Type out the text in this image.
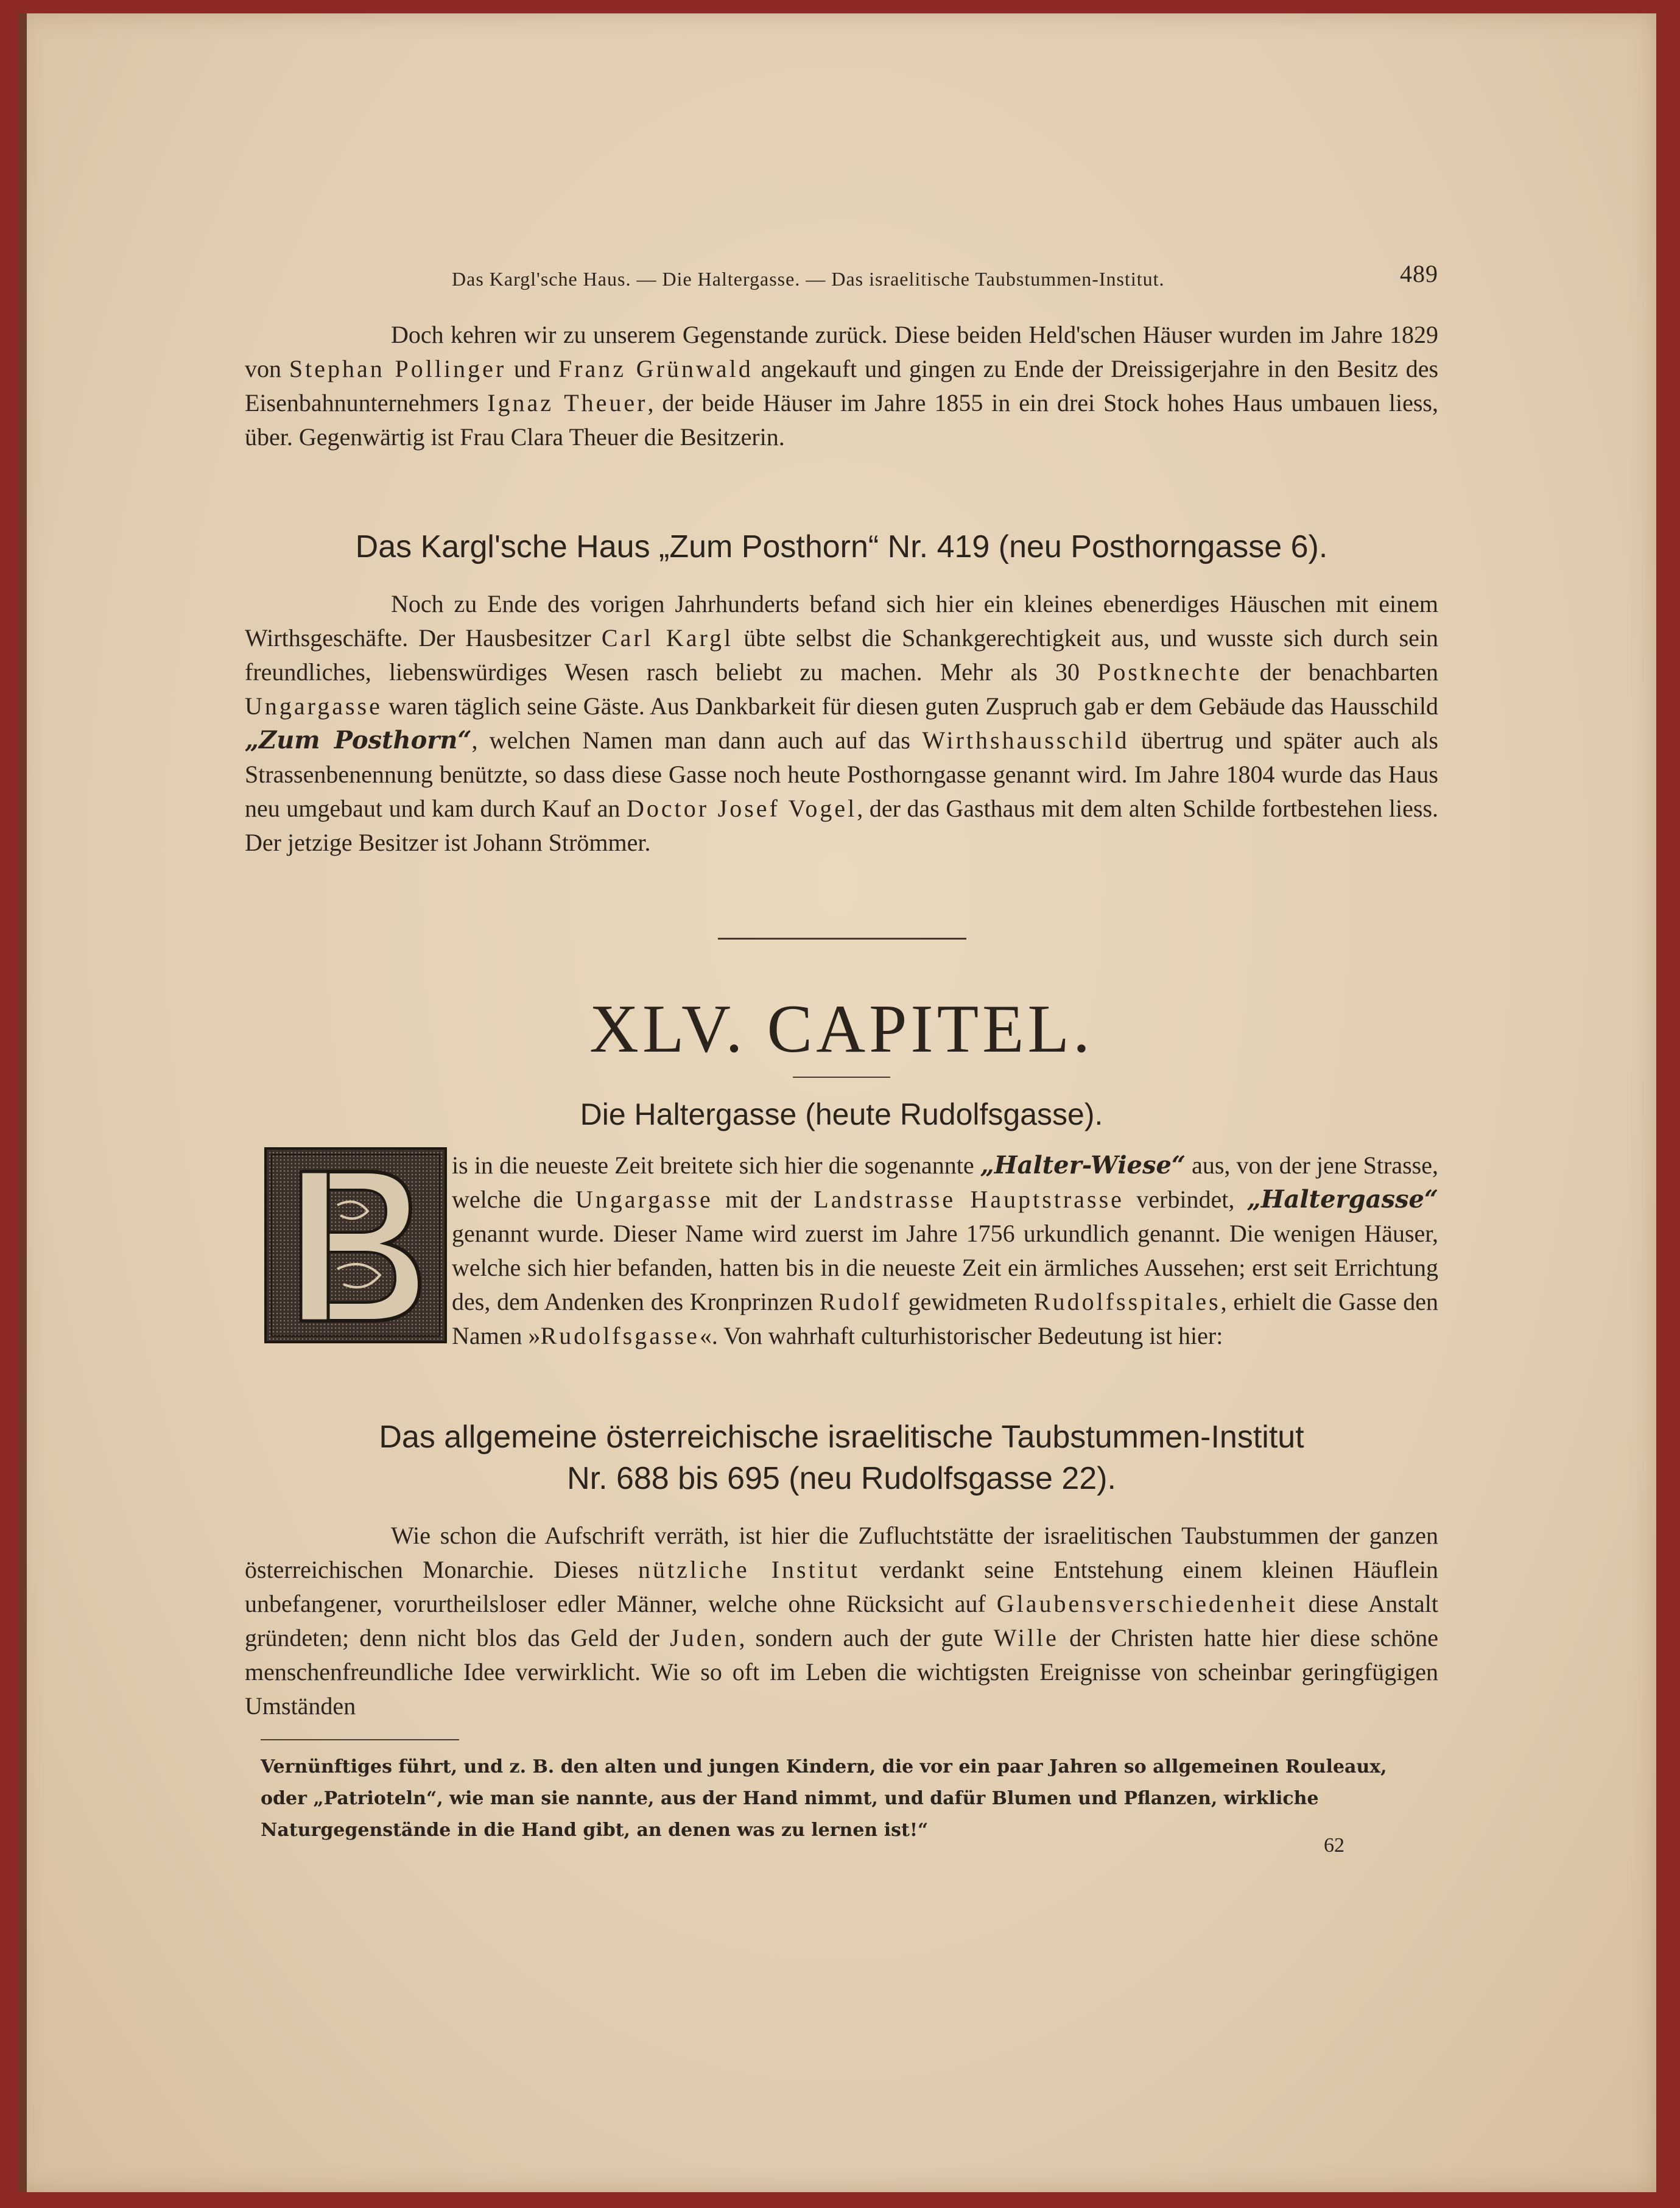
Das Kargl'sche Haus. — Die Haltergasse. — Das israelitische Taubstummen-Institut.	489

Doch kehren wir zu unserem Gegenstande zurück. Diese beiden Held'schen Häuser wurden im Jahre 1829 von Stephan Pollinger und Franz Grünwald angekauft und gingen zu Ende der Dreissigerjahre in den Besitz des Eisenbahnunternehmers Ignaz Theuer, der beide Häuser im Jahre 1855 in ein drei Stock hohes Haus umbauen liess, über. Gegenwärtig ist Frau Clara Theuer die Besitzerin.

Das Kargl'sche Haus „Zum Posthorn“ Nr. 419 (neu Posthorngasse 6).

Noch zu Ende des vorigen Jahrhunderts befand sich hier ein kleines ebenerdiges Häuschen mit einem Wirthsgeschäfte. Der Hausbesitzer Carl Kargl übte selbst die Schankgerechtigkeit aus, und wusste sich durch sein freundliches, liebenswürdiges Wesen rasch beliebt zu machen. Mehr als 30 Postknechte der benachbarten Ungargasse waren täglich seine Gäste. Aus Dankbarkeit für diesen guten Zuspruch gab er dem Gebäude das Hausschild „Zum Posthorn“, welchen Namen man dann auch auf das Wirthshausschild übertrug und später auch als Strassenbenennung benützte, so dass diese Gasse noch heute Posthorngasse genannt wird. Im Jahre 1804 wurde das Haus neu umgebaut und kam durch Kauf an Doctor Josef Vogel, der das Gasthaus mit dem alten Schilde fortbestehen liess. Der jetzige Besitzer ist Johann Strömmer.

XLV. CAPITEL.
Die Haltergasse (heute Rudolfsgasse).

is in die neueste Zeit breitete sich hier die sogenannte „Halter-Wiese“ aus, von der jene Strasse, welche die Ungargasse mit der Landstrasse Hauptstrasse verbindet, „Haltergasse“ genannt wurde. Dieser Name wird zuerst im Jahre 1756 urkundlich genannt. Die wenigen Häuser, welche sich hier befanden, hatten bis in die neueste Zeit ein ärmliches Aussehen; erst seit Errichtung des, dem Andenken des Kronprinzen Rudolf gewidmeten Rudolfsspitales, erhielt die Gasse den Namen »Rudolfsgasse«. Von wahrhaft culturhistorischer Bedeutung ist hier:

Das allgemeine österreichische israelitische Taubstummen-Institut
Nr. 688 bis 695 (neu Rudolfsgasse 22).

Wie schon die Aufschrift verräth, ist hier die Zufluchtstätte der israelitischen Taubstummen der ganzen österreichischen Monarchie. Dieses nützliche Institut verdankt seine Entstehung einem kleinen Häuflein unbefangener, vorurtheilsloser edler Männer, welche ohne Rücksicht auf Glaubensverschiedenheit diese Anstalt gründeten; denn nicht blos das Geld der Juden, sondern auch der gute Wille der Christen hatte hier diese schöne menschenfreundliche Idee verwirklicht. Wie so oft im Leben die wichtigsten Ereignisse von scheinbar geringfügigen Umständen

Vernünftiges führt, und z. B. den alten und jungen Kindern, die vor ein paar Jahren so allgemeinen Rouleaux, oder „Patrioteln“, wie man sie nannte, aus der Hand nimmt, und dafür Blumen und Pflanzen, wirkliche Naturgegenstände in die Hand gibt, an denen was zu lernen ist!“

62
